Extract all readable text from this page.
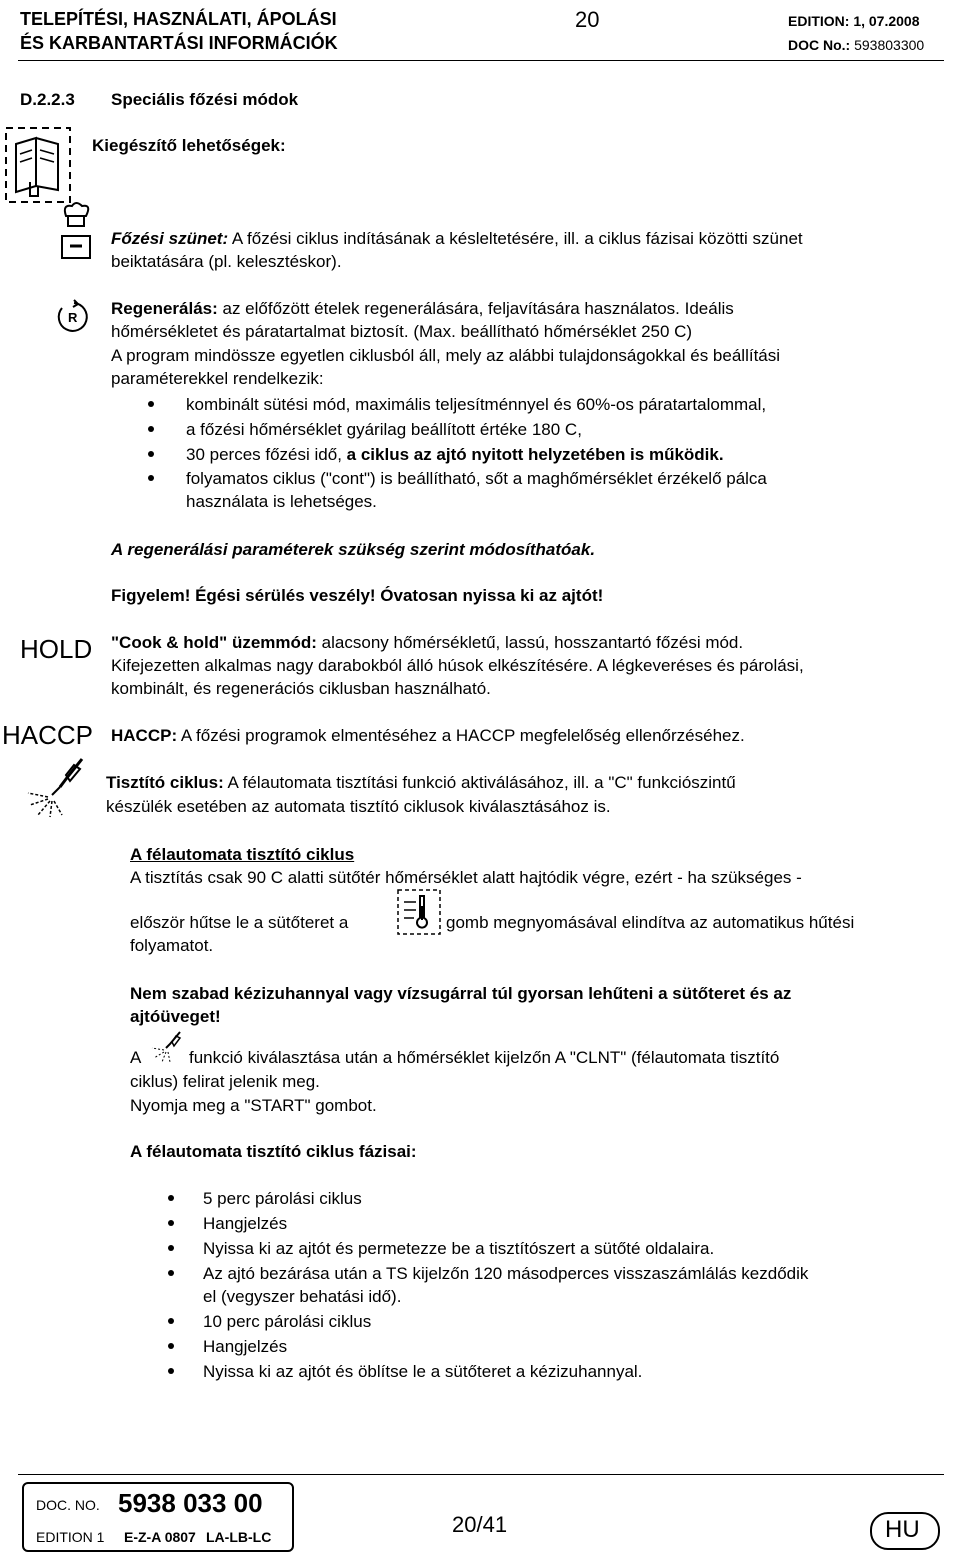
TELEPÍTÉSI, HASZNÁLATI, ÁPOLÁSI
ÉS KARBANTARTÁSI INFORMÁCIÓK
20	EDITION: 1, 07.2008
DOC No.: 593803300
D.2.2.3 Speciális főzési módok
Kiegészítő lehetőségek:
Főzési szünet: A főzési ciklus indításának a késleltetésére, ill. a ciklus fázisai közötti szünet
beiktatására (pl. kelesztéskor).
R Regenerálás: az előfőzött ételek regenerálására, feljavítására használatos. Ideális
hőmérsékletet és páratartalmat biztosít. (Max. beállítható hőmérséklet 250 C)
A program mindössze egyetlen ciklusból áll, mely az alábbi tulajdonságokkal és beállítási
paraméterekkel rendelkezik:
kombinált sütési mód, maximális teljesítménnyel és 60%-os páratartalommal,
a főzési hőmérséklet gyárilag beállított értéke 180 C,
30 perces főzési idő, a ciklus az ajtó nyitott helyzetében is működik.
folyamatos ciklus ("cont") is beállítható, sőt a maghőmérséklet érzékelő pálca
használata is lehetséges.
A regenerálási paraméterek szükség szerint módosíthatóak.
Figyelem! Égési sérülés veszély! Óvatosan nyissa ki az ajtót!
HOLD "Cook & hold" üzemmód: alacsony hőmérsékletű, lassú, hosszantartó főzési mód.
Kifejezetten alkalmas nagy darabokból álló húsok elkészítésére. A légkeveréses és párolási,
kombinált, és regenerációs ciklusban használható.
HACCP HACCP: A főzési programok elmentéséhez a HACCP megfelelőség ellenőrzéséhez.
Tisztító ciklus: A félautomata tisztítási funkció aktiválásához, ill. a "C" funkciószintű
készülék esetében az automata tisztító ciklusok kiválasztásához is.
A félautomata tisztító ciklus
A tisztítás csak 90 C alatti sütőtér hőmérséklet alatt hajtódik végre, ezért - ha szükséges -
először hűtse le a sütőteret a	gomb megnyomásával elindítva az automatikus hűtési
folyamatot.
Nem szabad kézizuhannyal vagy vízsugárral túl gyorsan lehűteni a sütőteret és az
ajtóüveget!
A	funkció kiválasztása után a hőmérséklet kijelzőn A "CLNT" (félautomata tisztító
ciklus) felirat jelenik meg.
Nyomja meg a "START" gombot.
A félautomata tisztító ciklus fázisai:
5 perc párolási ciklus
Hangjelzés
Nyissa ki az ajtót és permetezze be a tisztítószert a sütőté oldalaira.
Az ajtó bezárása után a TS kijelzőn 120 másodperces visszaszámlálás kezdődik
el (vegyszer behatási idő).
10 perc párolási ciklus
Hangjelzés
Nyissa ki az ajtót és öblítse le a sütőteret a kézizuhannyal.
DOC. NO. 5938 033 00
EDITION 1 E-Z-A 0807 LA-LB-LC	20/41	HU
